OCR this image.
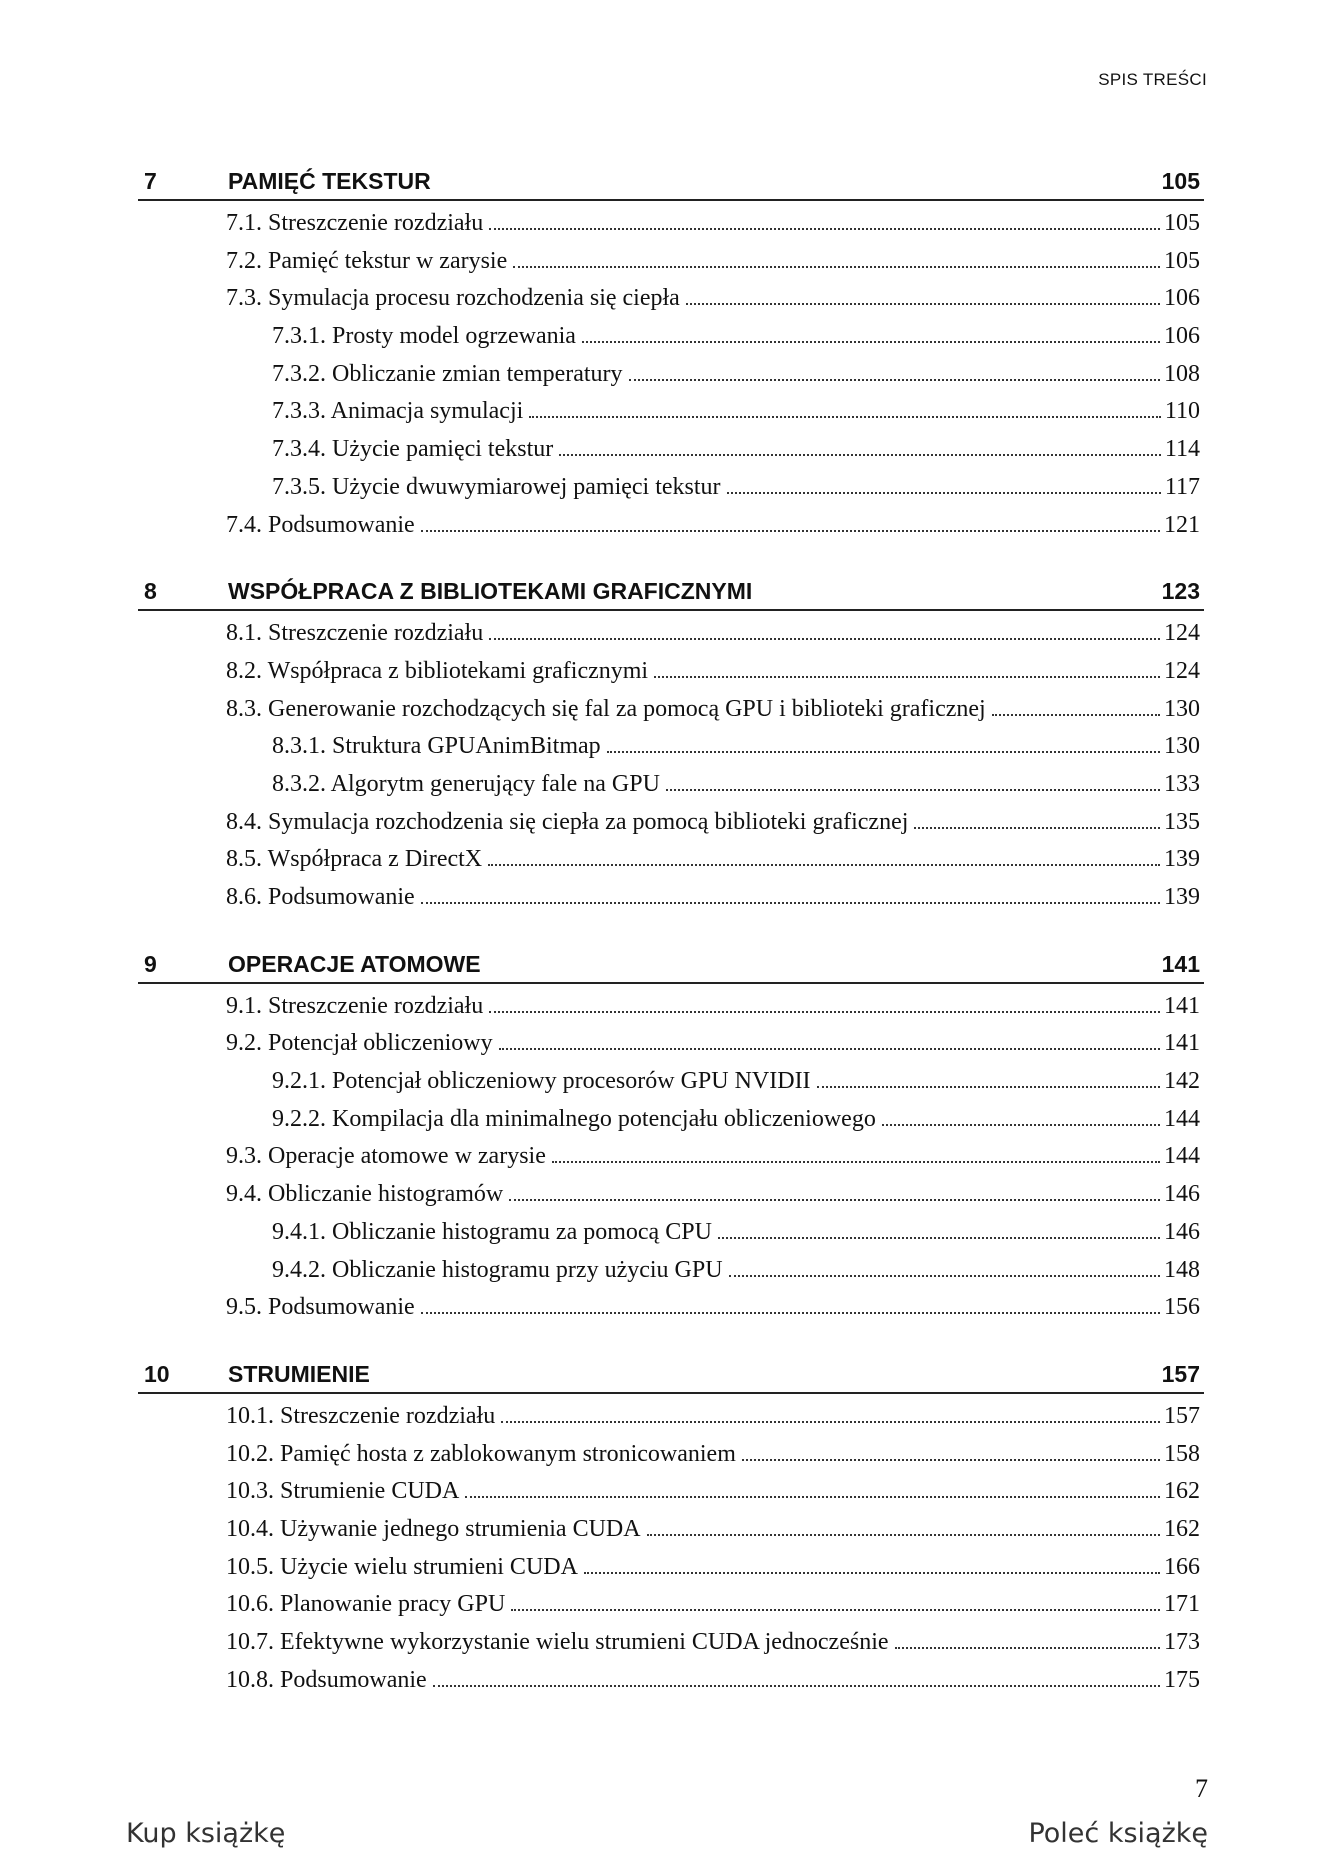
SPIS TREŚCI
7	PAMIĘĆ TEKSTUR	105
7.1. Streszczenie rozdziału	105
7.2. Pamięć tekstur w zarysie	105
7.3. Symulacja procesu rozchodzenia się ciepła	106
7.3.1. Prosty model ogrzewania	106
7.3.2. Obliczanie zmian temperatury	108
7.3.3. Animacja symulacji	110
7.3.4. Użycie pamięci tekstur	114
7.3.5. Użycie dwuwymiarowej pamięci tekstur	117
7.4. Podsumowanie	121
8	WSPÓŁPRACA Z BIBLIOTEKAMI GRAFICZNYMI	123
8.1. Streszczenie rozdziału	124
8.2. Współpraca z bibliotekami graficznymi	124
8.3. Generowanie rozchodzących się fal za pomocą GPU i biblioteki graficznej	130
8.3.1. Struktura GPUAnimBitmap	130
8.3.2. Algorytm generujący fale na GPU	133
8.4. Symulacja rozchodzenia się ciepła za pomocą biblioteki graficznej	135
8.5. Współpraca z DirectX	139
8.6. Podsumowanie	139
9	OPERACJE ATOMOWE	141
9.1. Streszczenie rozdziału	141
9.2. Potencjał obliczeniowy	141
9.2.1. Potencjał obliczeniowy procesorów GPU NVIDII	142
9.2.2. Kompilacja dla minimalnego potencjału obliczeniowego	144
9.3. Operacje atomowe w zarysie	144
9.4. Obliczanie histogramów	146
9.4.1. Obliczanie histogramu za pomocą CPU	146
9.4.2. Obliczanie histogramu przy użyciu GPU	148
9.5. Podsumowanie	156
10	STRUMIENIE	157
10.1. Streszczenie rozdziału	157
10.2. Pamięć hosta z zablokowanym stronicowaniem	158
10.3. Strumienie CUDA	162
10.4. Używanie jednego strumienia CUDA	162
10.5. Użycie wielu strumieni CUDA	166
10.6. Planowanie pracy GPU	171
10.7. Efektywne wykorzystanie wielu strumieni CUDA jednocześnie	173
10.8. Podsumowanie	175
7
Kup książkę	Poleć książkę
